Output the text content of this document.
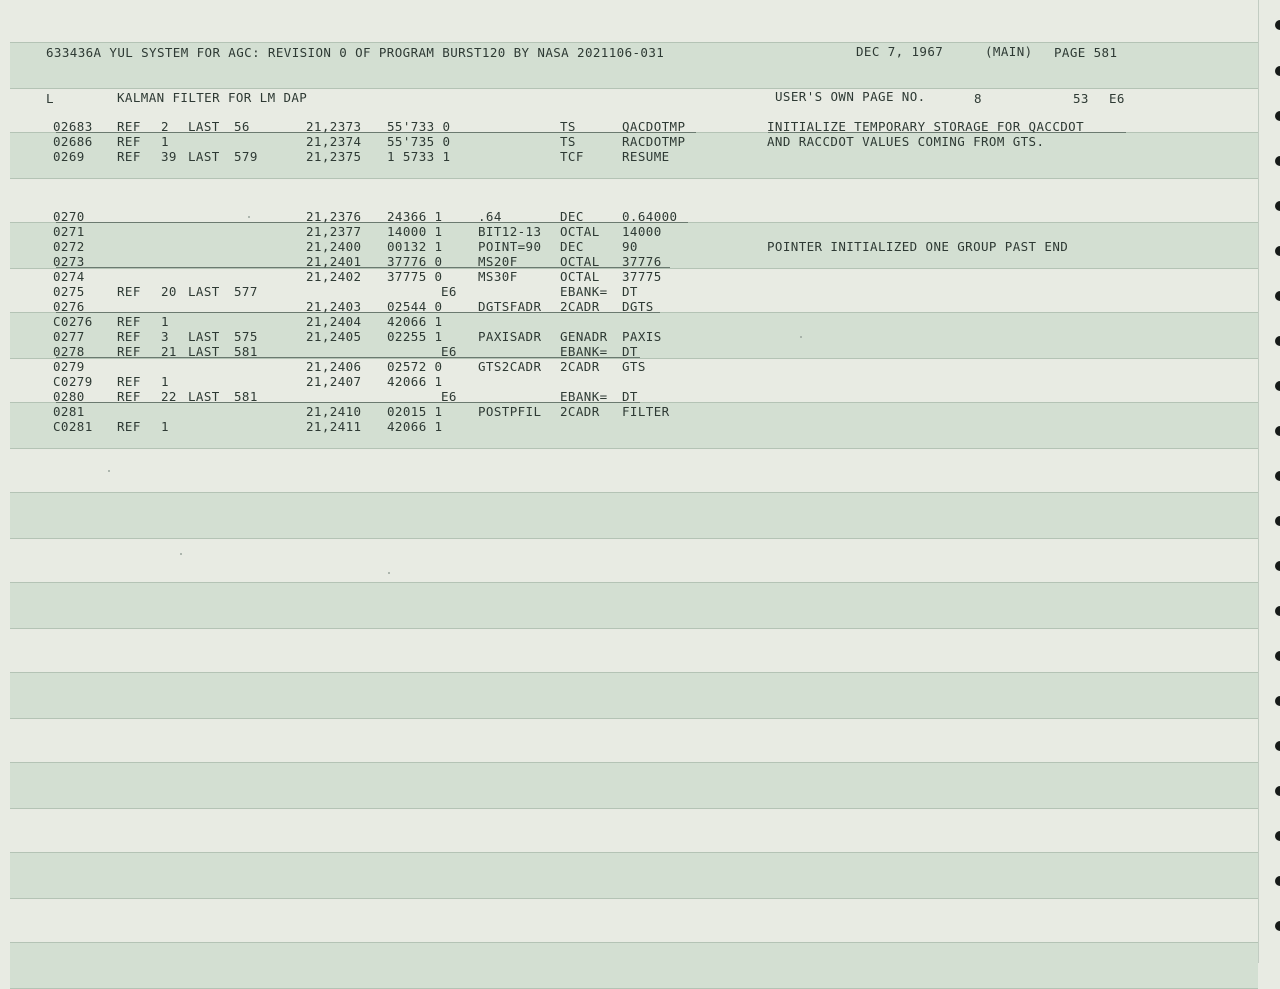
633436A YUL SYSTEM FOR AGC: REVISION 0 OF PROGRAM BURST120 BY NASA 2021106-031	DEC 7, 1967	(MAIN) PAGE 581
L	KALMAN FILTER FOR LM DAP	USER'S OWN PAGE NO.	8	53 E6
02683 REF 2 LAST 56	21,2373 55'733 0	TS	QACDOTMP	INITIALIZE TEMPORARY STORAGE FOR QACCDOT
02686 REF 1	21,2374 55'735 0	TS	RACDOTMP	AND RACCDOT VALUES COMING FROM GTS.
0269	REF 39 LAST 579	21,2375 1 5733 1	TCF	RESUME
0270	21,2376 24366 1	.64	DEC	0.64000
0271	21,2377 14000 1	BIT12-13 OCTAL 14000
0272	21,2400 00132 1	POINT=90 DEC	90	POINTER INITIALIZED ONE GROUP PAST END
0273	21,2401 37776 0	MS20F	OCTAL 37776
0274	21,2402 37775 0	MS30F	OCTAL 37775
0275	REF 20 LAST 577	E6	EBANK= DT
0276	21,2403 02544 0	DGTSFADR 2CADR DGTS
C0276 REF 1	21,2404 42066 1
0277	REF 3 LAST 575	21,2405 02255 1	PAXISADR GENADR PAXIS
0278	REF 21 LAST 581	E6	EBANK= DT
0279	21,2406 02572 0	GTS2CADR 2CADR GTS
C0279 REF 1	21,2407 42066 1
0280	REF 22 LAST 581	E6	EBANK= DT
0281	21,2410 02015 1	POSTPFIL 2CADR FILTER
C0281 REF 1	21,2411 42066 1
